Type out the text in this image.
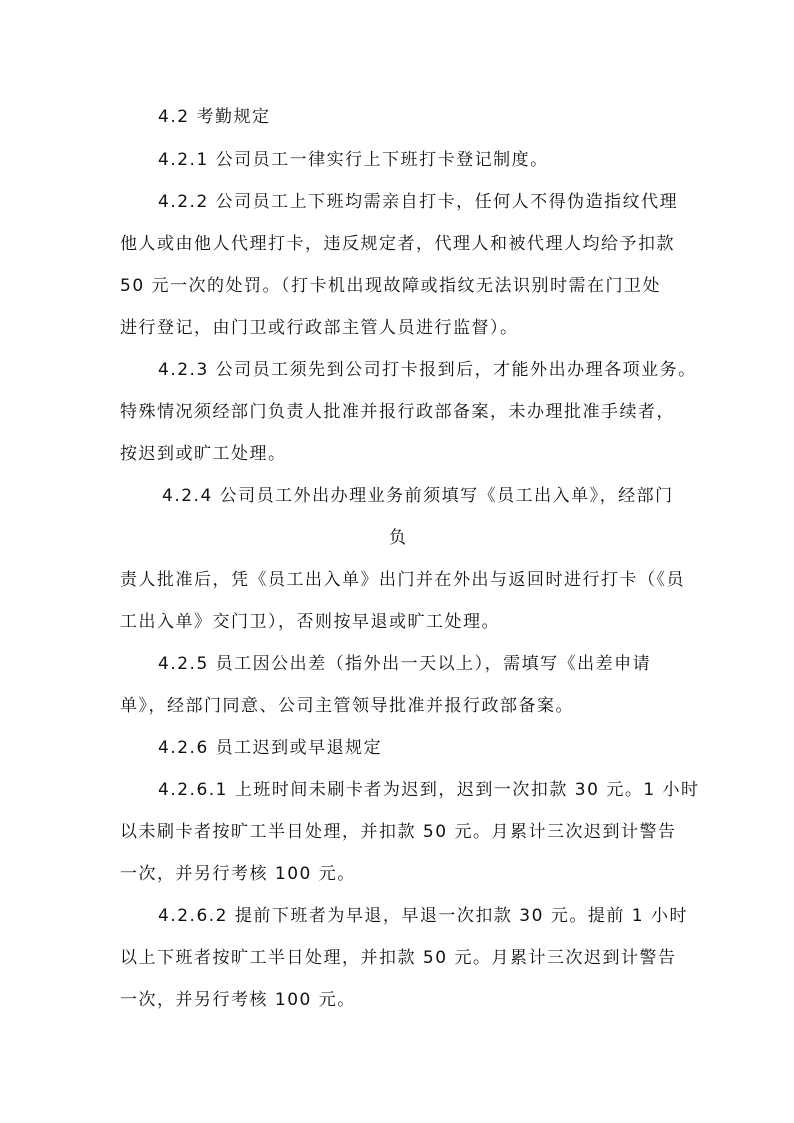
4.2 考勤规定
4.2.1 公司员工一律实行上下班打卡登记制度。
4.2.2 公司员工上下班均需亲自打卡，任何人不得伪造指纹代理
他人或由他人代理打卡，违反规定者，代理人和被代理人均给予扣款
50 元一次的处罚。（打卡机出现故障或指纹无法识别时需在门卫处
进行登记，由门卫或行政部主管人员进行监督）。
4.2.3 公司员工须先到公司打卡报到后，才能外出办理各项业务。
特殊情况须经部门负责人批准并报行政部备案，未办理批准手续者，
按迟到或旷工处理。
4.2.4 公司员工外出办理业务前须填写《员工出入单》，经部门
负
责人批准后，凭《员工出入单》出门并在外出与返回时进行打卡（《员
工出入单》交门卫），否则按早退或旷工处理。
4.2.5 员工因公出差（指外出一天以上），需填写《出差申请
单》，经部门同意、公司主管领导批准并报行政部备案。
4.2.6 员工迟到或早退规定
4.2.6.1 上班时间未刷卡者为迟到，迟到一次扣款 30 元。1 小时
以未刷卡者按旷工半日处理，并扣款 50 元。月累计三次迟到计警告
一次，并另行考核 100 元。
4.2.6.2 提前下班者为早退，早退一次扣款 30 元。提前 1 小时
以上下班者按旷工半日处理，并扣款 50 元。月累计三次迟到计警告
一次，并另行考核 100 元。
